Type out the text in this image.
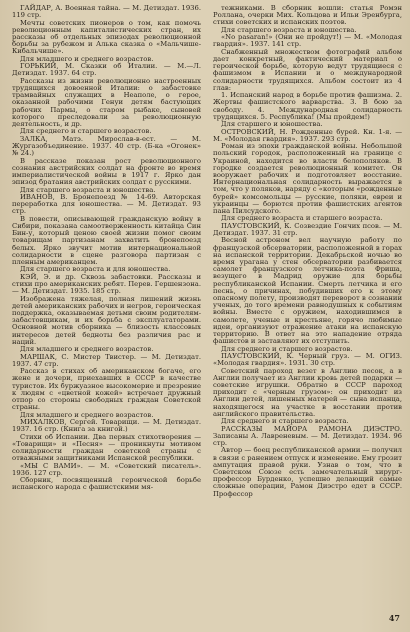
ГАЙДАР, А. Военная тайна. — М. Детиздат. 1936. 119 стр.

Мечты советских пионеров о том, как помочь революционным капиталистических стран, их рассказы об отдельных эпизодах революционной борьбы за рубежом и Алька сказка о «Мальчише-Кибальчише».

Для младшего и среднего возрастов.

ГОРЬКИЙ, М. Сказки об Италии. — М.—Л. Детиздат. 1937. 64 стр.

Рассказы из жизни революционно настроенных трудящихся довоенной Италии: о забастовке трамвайных служащих в Неаполе, о герое, оказанной рабочими Генуи детям бастующих рабочих Пармы, о старом рыбаке, сыновей которого преследовали за революционную деятельность, и др.

Для среднего и старшего возрастов.

ЗАЛКА, Матэ. Мирослав-в-ест. — М. Жургазобъединение. 1937. 40 стр. (Б-ка «Огонек» № 24.)

В рассказе показан рост революционного сознания австрийских солдат на фронте во время империалистической войны в 1917 г. Ярко дан эпизод братания австрийских солдат с русскими.

Для старшего возраста и юношества.

ИВАНОВ, В. Бронепоезд № 14-69. Авторская переработка для юношества. — М. Детиздат. 93 стр.

В повести, описывающей гражданскую войну в Сибири, показана самоотверженность китайца Син Бин-у, который ценою своей жизни помог своим товарищам партизанам захватить бронепоезд белых. Ярко звучит мотив интернациональной солидарности в сцене разговора партизан с пленным американцем.

Для старшего возраста и для юношества.

КЭЙ, Э. и др. Сквозь забастовки. Рассказы и стихи про американских ребят. Перев. Гершензона. — М. Детиздат. 1935. 185 стр.

Изображена тяжелая, полная лишений жизнь детей американских рабочих и негров, героическая поддержка, оказываемая детьми своим родителям-забастовщикам, и их борьба с эксплуататорами. Основной мотив сборника — близость классовых интересов детей бедноты без различия рас и наций.

Для младшего и среднего возрастов.

МАРШАК, С. Мистер Твистер. — М. Детиздат. 1937. 47 стр.

Рассказ в стихах об американском богаче, его жене и дочери, приехавших в СССР в качестве туристов. Их буржуазное высокомерие и презрение к людям с «цветной кожей» встречает дружный отпор со стороны свободных граждан Советской страны.

Для младшего и среднего возрастов.

МИХАЛКОВ, Сергей. Товарищи. — М. Детиздат. 1937. 16 стр. (Книга за книгой.)

Стихи об Испании. Два первых стихотворения — «Товарищи» и «Песня» — проникнуты мотивом солидарности граждан советской страны с отважными защитниками Испанской республики.

«МЫ С ВАМИ». — М. «Советский писатель». 1936. 127 стр.

Сборник, посвященный героической борьбе испанского народа с фашистскими мя-

тежниками. В сборник вошли: статья Ромэн Роллана, очерки Мих. Кольцова и Ильи Эренбурга, стихи советских и испанских поэтов.

Для старшего возраста и юношества.

«No pasaran!» (Они не пройдут!) — М. «Молодая гвардия». 1937. 141 стр.

Снабженный множеством фотографий альбом дает конкретный, фактический материал о героической борьбе, которую ведут трудящиеся с фашизмом в Испании и о международной солидарности трудящихся. Альбом состоит из 4 глав:

1. Испанский народ в борьбе против фашизма. 2. Жертвы фашистского варварства. 3. В бою за свободу. 4. Международная солидарность трудящихся. 5. Республика! (Мы пройдем!)

Для старшего и юношества.

ОСТРОВСКИЙ, Н. Рожденные бурей. Кн. 1-я. — М. «Молодая гвардия». 1937. 293 стр.

Роман из эпохи гражданской войны. Небольшой польский городок, расположенный на границе с Украиной, находится во власти белополяков. В городке создается революционный комитет. Он вооружает рабочих и подготовляет восстание. Интернациональная солидарность выражается в том, что у поляков, наряду с «которым «рожденные бурей» комсомольцы — русские, поляки, евреи и украинцы — борются против фашистских агентов пана Пилсудского.

Для среднего возраста и старшего возраста.

ПАУСТОВСКИЙ, К. Созвездие Гончих псов. — М. Детиздат. 1937. 31 стр.

Весной астроном вел научную работу по французской обсерватории, расположенной в горах на испанской территории. Декабрьской ночью во время урагана у стен обсерватории разбивается самолет французского летчика-поэта Фриша, везущего в Мадрид оружие для борьбы республиканской Испании. Смерть летчика и его песнь, о причинах, побудивших его к этому опасному полету, производят переворот в сознании ученых, до того времени равнодушных к событиям войны. Вместе с оружием, находившимся в самолете, ученые и крестьяне, горячо любимые идеи, организуют отражение атаки на испанскую территорию. В ответ на это нападение отряда фашистов и заставляют их отступить.

Для среднего и старшего возрастов.

ПАУСТОВСКИЙ, К. Черный груз. — М. ОГИЗ. «Молодая гвардия». 1931. 30 стр.

Советский пароход везет в Англию песок, а в Англии получает из Англии кровь детей подарки — советские игрушки. Обратно в СССР пароход приходит с «черным грузом»: он приходит из Англии детей, лишенных матерей — сына испанца, находящегося на участке в восстании против английского правительства.

Для среднего и старшего возраста.

РАССКАЗЫ МАЙОРА РАМОНА ДИЭСТРО. Записаны А. Лавреневым. — М. Детиздат. 1934. 96 стр.

Автор — боец республиканской армии — получил в связи с ранением отпуск и изменение. Ему грозит ампутация правой руки. Узнав о том, что в Советском Союзе есть замечательный хирург-профессор Бурденко, успешно делающий самые сложные операции, Рамон Диэстро едет в СССР. Профессор

47
